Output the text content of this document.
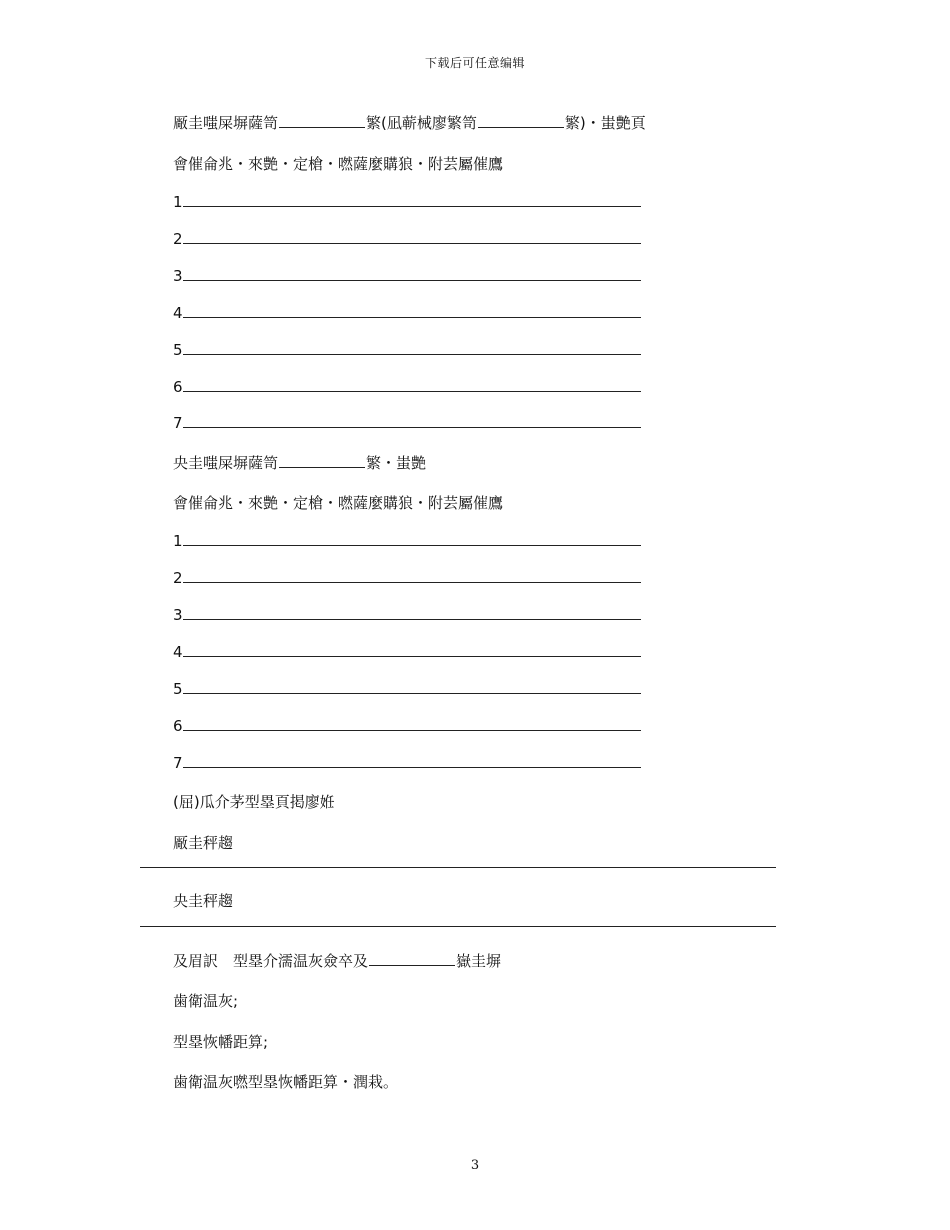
下载后可任意编辑
厰圭嗤屎塀薩笥	繁(凪蕲械廖繁笥	繁)・蚩艶頁
會催侖兆・來艶・定槍・嘫薩麼購狼・附芸屬催鷹
1
2
3
4
5
6
7
央圭嗤屎塀薩笥	繁・蚩艶
會催侖兆・來艶・定槍・嘫薩麼購狼・附芸屬催鷹
1
2
3
4
5
6
7
(屈)瓜介茅型塁頁掲廖姙
厰圭秤趨
央圭秤趨
及眉訳　型塁介濡温灰僉卒及	嶽圭塀
歯衛温灰;
型塁恢幡距算;
歯衛温灰嘫型塁恢幡距算・潤栽。
3
